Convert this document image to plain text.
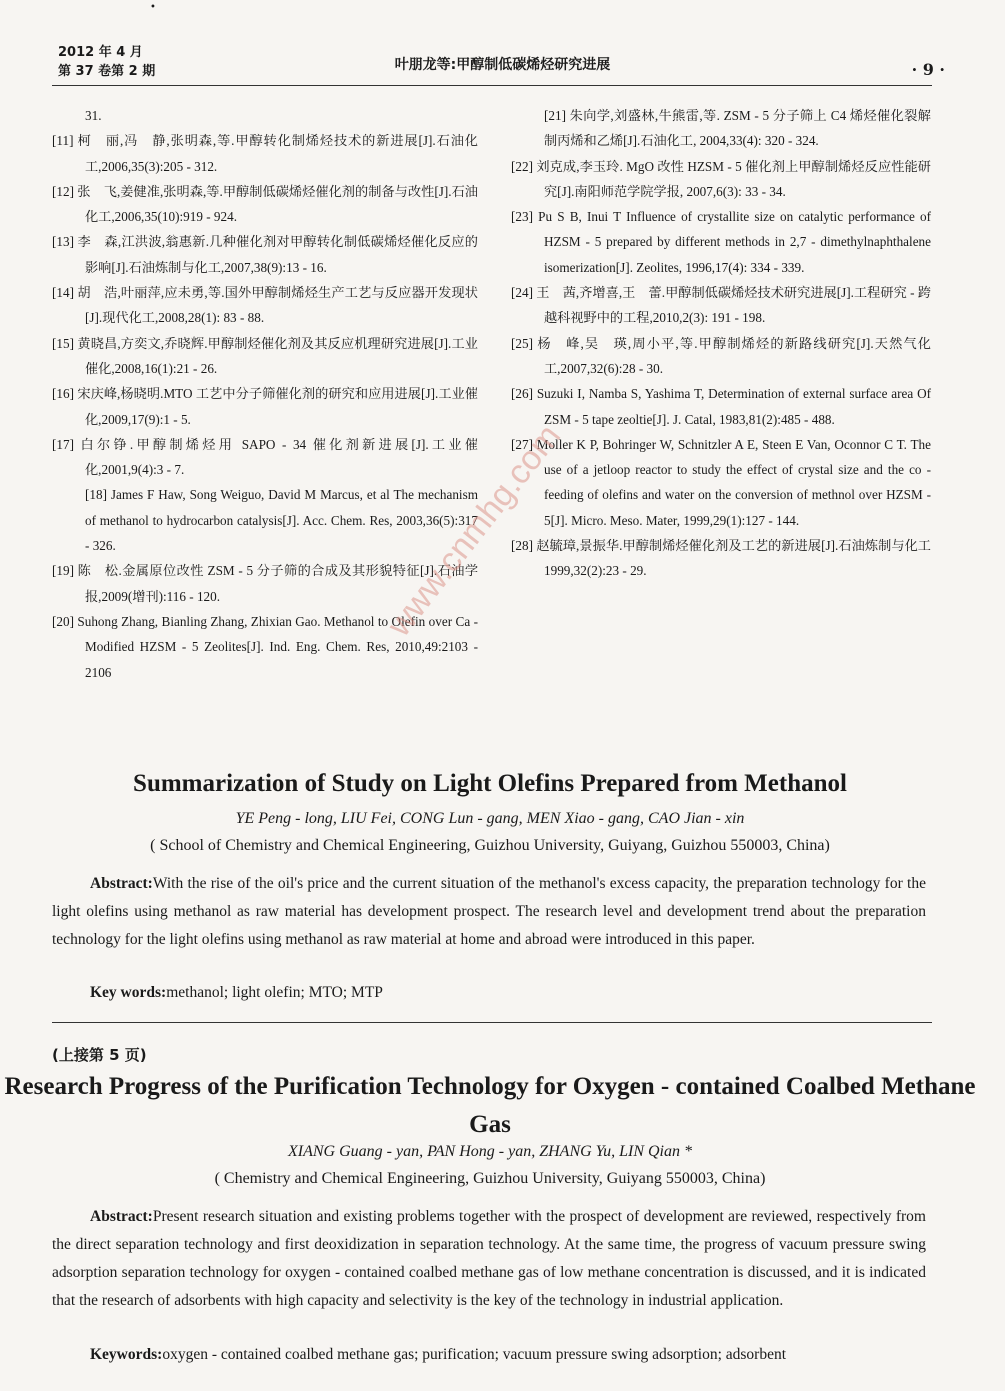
•
2012 年 4 月
第 37 卷第 2 期	叶朋龙等:甲醇制低碳烯烃研究进展	· 9 ·

31.

[11] 柯　丽,冯　静,张明森,等.甲醇转化制烯烃技术的新进展[J].石油化工,2006,35(3):205 - 312.

[12] 张　飞,姜健准,张明森,等.甲醇制低碳烯烃催化剂的制备与改性[J].石油化工,2006,35(10):919 - 924.

[13] 李　森,江洪波,翁惠新.几种催化剂对甲醇转化制低碳烯烃催化反应的影响[J].石油炼制与化工,2007,38(9):13 - 16.

[14] 胡　浩,叶丽萍,应未勇,等.国外甲醇制烯烃生产工艺与反应器开发现状[J].现代化工,2008,28(1): 83 - 88.

[15] 黄晓昌,方奕文,乔晓辉.甲醇制烃催化剂及其反应机理研究进展[J].工业催化,2008,16(1):21 - 26.

[16] 宋庆峰,杨晓明.MTO 工艺中分子筛催化剂的研究和应用进展[J].工业催化,2009,17(9):1 - 5.

[17] 白尔铮.甲醇制烯烃用 SAPO - 34 催化剂新进展[J].工业催化,2001,9(4):3 - 7.

[18] James F Haw, Song Weiguo, David M Marcus, et al The mechanism of methanol to hydrocarbon catalysis[J]. Acc. Chem. Res, 2003,36(5):317 - 326.

[19] 陈　松.金属原位改性 ZSM - 5 分子筛的合成及其形貌特征[J].石油学报,2009(增刊):116 - 120.

[20] Suhong Zhang, Bianling Zhang, Zhixian Gao. Methanol to Olefin over Ca - Modified HZSM - 5 Zeolites[J]. Ind. Eng. Chem. Res, 2010,49:2103 - 2106

[21] 朱向学,刘盛林,牛熊雷,等. ZSM - 5 分子筛上 C4 烯烃催化裂解制丙烯和乙烯[J].石油化工, 2004,33(4): 320 - 324.

[22] 刘克成,李玉玲. MgO 改性 HZSM - 5 催化剂上甲醇制烯烃反应性能研究[J].南阳师范学院学报, 2007,6(3): 33 - 34.

[23] Pu S B, Inui T Influence of crystallite size on catalytic performance of HZSM - 5 prepared by different methods in 2,7 - dimethylnaphthalene isomerization[J]. Zeolites, 1996,17(4): 334 - 339.

[24] 王　茜,齐增喜,王　蕾.甲醇制低碳烯烃技术研究进展[J].工程研究 - 跨越科视野中的工程,2010,2(3): 191 - 198.

[25] 杨　峰,吴　瑛,周小平,等.甲醇制烯烃的新路线研究[J].天然气化工,2007,32(6):28 - 30.

[26] Suzuki I, Namba S, Yashima T, Determination of external surface area Of ZSM - 5 tape zeoltie[J]. J. Catal, 1983,81(2):485 - 488.

[27] Moller K P, Bohringer W, Schnitzler A E, Steen E Van, Oconnor C T. The use of a jetloop reactor to study the effect of crystal size and the co - feeding of olefins and water on the conversion of methnol over HZSM - 5[J]. Micro. Meso. Mater, 1999,29(1):127 - 144.

[28] 赵毓璋,景振华.甲醇制烯烃催化剂及工艺的新进展[J].石油炼制与化工 1999,32(2):23 - 29.

www.cnmhg.com
Summarization of Study on Light Olefins Prepared from Methanol
YE Peng - long, LIU Fei, CONG Lun - gang, MEN Xiao - gang, CAO Jian - xin
( School of Chemistry and Chemical Engineering, Guizhou University, Guiyang, Guizhou 550003, China)
Abstract:With the rise of the oil's price and the current situation of the methanol's excess capacity, the preparation technology for the light olefins using methanol as raw material has development prospect. The research level and development trend about the preparation technology for the light olefins using methanol as raw material at home and abroad were introduced in this paper.
Key words:methanol; light olefin; MTO; MTP
(上接第 5 页)
Research Progress of the Purification Technology for Oxygen - contained Coalbed Methane Gas
XIANG Guang - yan, PAN Hong - yan, ZHANG Yu, LIN Qian *
( Chemistry and Chemical Engineering, Guizhou University, Guiyang 550003, China)
Abstract:Present research situation and existing problems together with the prospect of development are reviewed, respectively from the direct separation technology and first deoxidization in separation technology. At the same time, the progress of vacuum pressure swing adsorption separation technology for oxygen - contained coalbed methane gas of low methane concentration is discussed, and it is indicated that the research of adsorbents with high capacity and selectivity is the key of the technology in industrial application.
Keywords:oxygen - contained coalbed methane gas; purification; vacuum pressure swing adsorption; adsorbent
